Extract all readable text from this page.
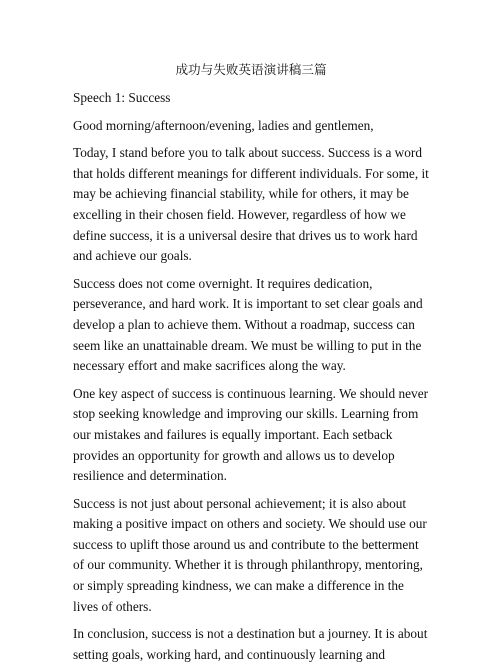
成功与失败英语演讲稿三篇
Speech 1: Success
Good morning/afternoon/evening, ladies and gentlemen,
Today, I stand before you to talk about success. Success is a word
that holds different meanings for different individuals. For some, it
may be achieving financial stability, while for others, it may be
excelling in their chosen field. However, regardless of how we
define success, it is a universal desire that drives us to work hard
and achieve our goals.
Success does not come overnight. It requires dedication,
perseverance, and hard work. It is important to set clear goals and
develop a plan to achieve them. Without a roadmap, success can
seem like an unattainable dream. We must be willing to put in the
necessary effort and make sacrifices along the way.
One key aspect of success is continuous learning. We should never
stop seeking knowledge and improving our skills. Learning from
our mistakes and failures is equally important. Each setback
provides an opportunity for growth and allows us to develop
resilience and determination.
Success is not just about personal achievement; it is also about
making a positive impact on others and society. We should use our
success to uplift those around us and contribute to the betterment
of our community. Whether it is through philanthropy, mentoring,
or simply spreading kindness, we can make a difference in the
lives of others.
In conclusion, success is not a destination but a journey. It is about
setting goals, working hard, and continuously learning and
